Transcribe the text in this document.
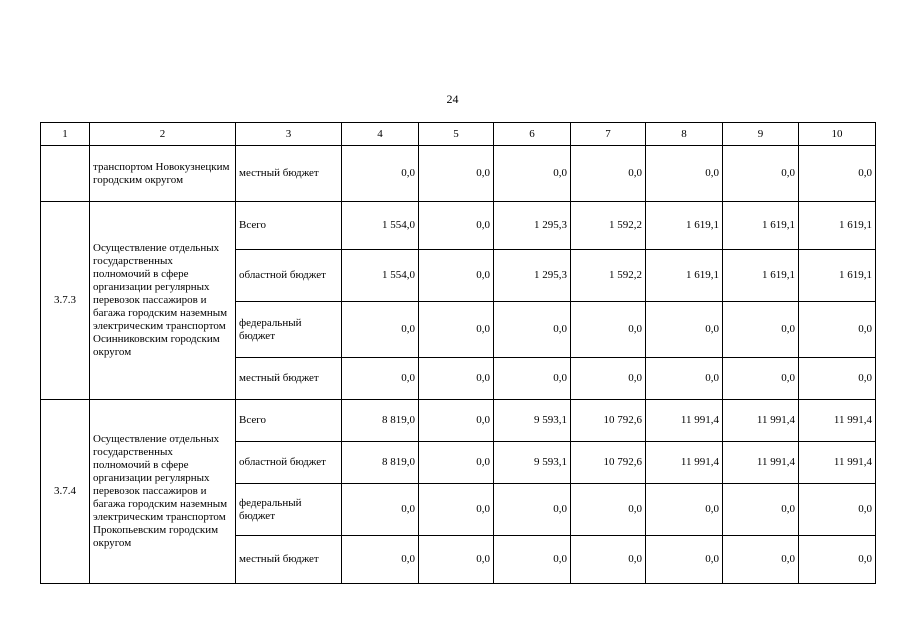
24
1	2	3	4	5	6	7	8	9	10
	транспортом Новокузнецким городским округом	местный бюджет	0,0	0,0	0,0	0,0	0,0	0,0	0,0
3.7.3	Осуществление отдельных государственных полномочий в сфере организации регулярных перевозок пассажиров и багажа городским наземным электрическим транспортом Осинниковским городским округом	Всего	1 554,0	0,0	1 295,3	1 592,2	1 619,1	1 619,1	1 619,1
		областной бюджет	1 554,0	0,0	1 295,3	1 592,2	1 619,1	1 619,1	1 619,1
		федеральный бюджет	0,0	0,0	0,0	0,0	0,0	0,0	0,0
		местный бюджет	0,0	0,0	0,0	0,0	0,0	0,0	0,0
3.7.4	Осуществление отдельных государственных полномочий в сфере организации регулярных перевозок пассажиров и багажа городским наземным электрическим транспортом Прокопьевским городским округом	Всего	8 819,0	0,0	9 593,1	10 792,6	11 991,4	11 991,4	11 991,4
		областной бюджет	8 819,0	0,0	9 593,1	10 792,6	11 991,4	11 991,4	11 991,4
		федеральный бюджет	0,0	0,0	0,0	0,0	0,0	0,0	0,0
		местный бюджет	0,0	0,0	0,0	0,0	0,0	0,0	0,0
